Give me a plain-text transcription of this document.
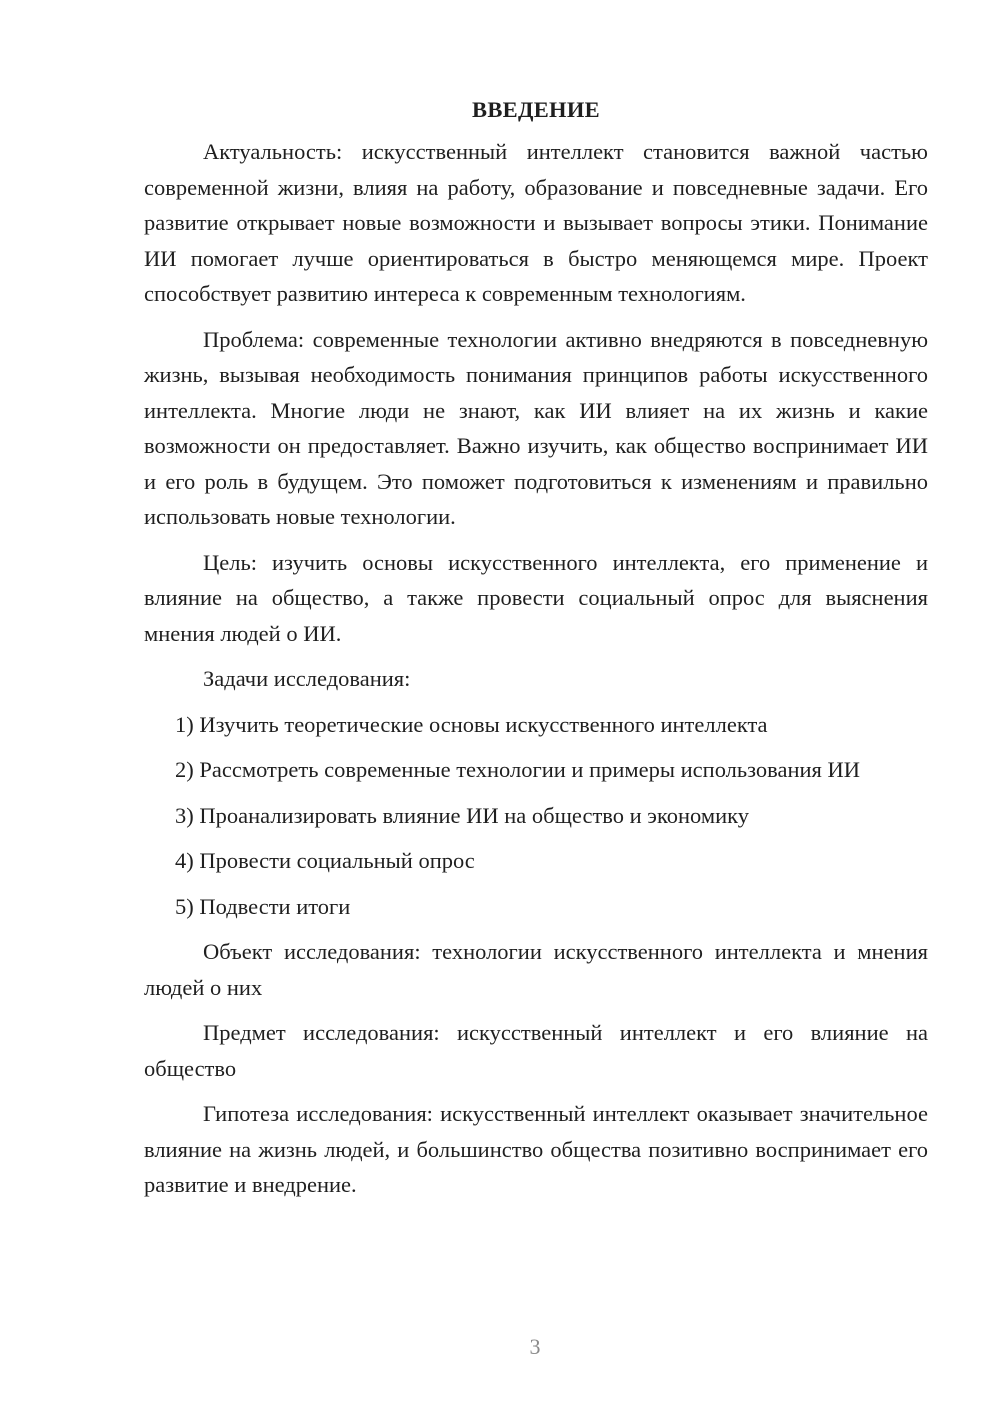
ВВЕДЕНИЕ

Актуальность: искусственный интеллект становится важной частью современной жизни, влияя на работу, образование и повседневные задачи. Его развитие открывает новые возможности и вызывает вопросы этики. Понимание ИИ помогает лучше ориентироваться в быстро меняющемся мире. Проект способствует развитию интереса к современным технологиям.

Проблема: современные технологии активно внедряются в повседневную жизнь, вызывая необходимость понимания принципов работы искусственного интеллекта. Многие люди не знают, как ИИ влияет на их жизнь и какие возможности он предоставляет. Важно изучить, как общество воспринимает ИИ и его роль в будущем. Это поможет подготовиться к изменениям и правильно использовать новые технологии.

Цель: изучить основы искусственного интеллекта, его применение и влияние на общество, а также провести социальный опрос для выяснения мнения людей о ИИ.

Задачи исследования:

1) Изучить теоретические основы искусственного интеллекта

2) Рассмотреть современные технологии и примеры использования ИИ

3) Проанализировать влияние ИИ на общество и экономику

4) Провести социальный опрос

5) Подвести итоги

Объект исследования: технологии искусственного интеллекта и мнения людей о них

Предмет исследования: искусственный интеллект и его влияние на общество

Гипотеза исследования: искусственный интеллект оказывает значительное влияние на жизнь людей, и большинство общества позитивно воспринимает его развитие и внедрение.

3
